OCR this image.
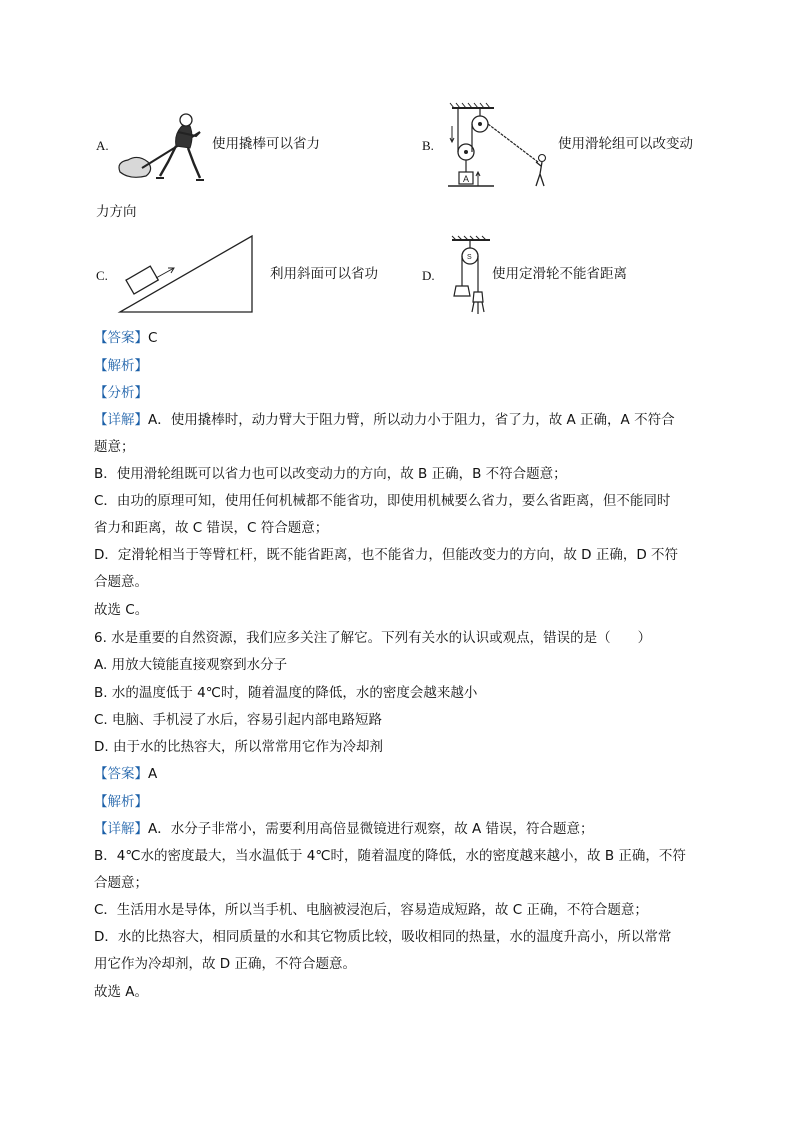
A.	使用撬棒可以省力	B.
A
使用滑轮组可以改变动
力方向
C.	利用斜面可以省功	D.
S
使用定滑轮不能省距离
【答案】C
【解析】
【分析】
【详解】A．使用撬棒时，动力臂大于阻力臂，所以动力小于阻力，省了力，故 A 正确，A 不符合
题意；
B．使用滑轮组既可以省力也可以改变动力的方向，故 B 正确，B 不符合题意；
C．由功的原理可知，使用任何机械都不能省功，即使用机械要么省力，要么省距离，但不能同时
省力和距离，故 C 错误，C 符合题意；
D．定滑轮相当于等臂杠杆，既不能省距离，也不能省力，但能改变力的方向，故 D 正确，D 不符
合题意。
故选 C。
6. 水是重要的自然资源，我们应多关注了解它。下列有关水的认识或观点，错误的是（　　）
A. 用放大镜能直接观察到水分子
B. 水的温度低于 4℃时，随着温度的降低，水的密度会越来越小
C. 电脑、手机浸了水后，容易引起内部电路短路
D. 由于水的比热容大，所以常常用它作为冷却剂
【答案】A
【解析】
【详解】A．水分子非常小，需要利用高倍显微镜进行观察，故 A 错误，符合题意；
B．4℃水的密度最大，当水温低于 4℃时，随着温度的降低，水的密度越来越小，故 B 正确，不符
合题意；
C．生活用水是导体，所以当手机、电脑被浸泡后，容易造成短路，故 C 正确，不符合题意；
D．水的比热容大，相同质量的水和其它物质比较，吸收相同的热量，水的温度升高小，所以常常
用它作为冷却剂，故 D 正确，不符合题意。
故选 A。
